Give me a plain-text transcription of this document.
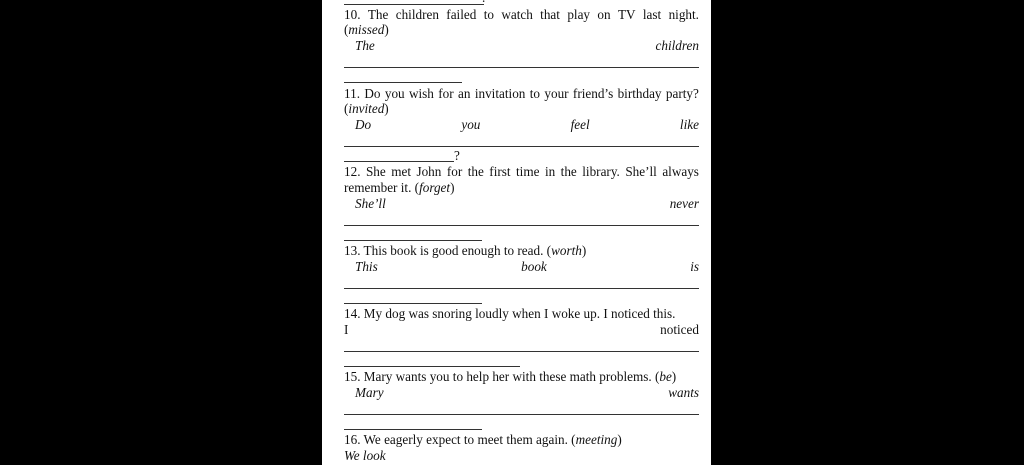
10. The children failed to watch that play on TV last night.
(missed)
The	children
11. Do you wish for an invitation to your friend’s birthday party?
(invited)
Do	you	feel	like
?
12. She met John for the first time in the library. She’ll always
remember it. (forget)
She’ll	never
13. This book is good enough to read. (worth)
This	book	is
14. My dog was snoring loudly when I woke up. I noticed this.
I	noticed
15. Mary wants you to help her with these math problems. (be)
Mary	wants
16. We eagerly expect to meet them again. (meeting)
We look
